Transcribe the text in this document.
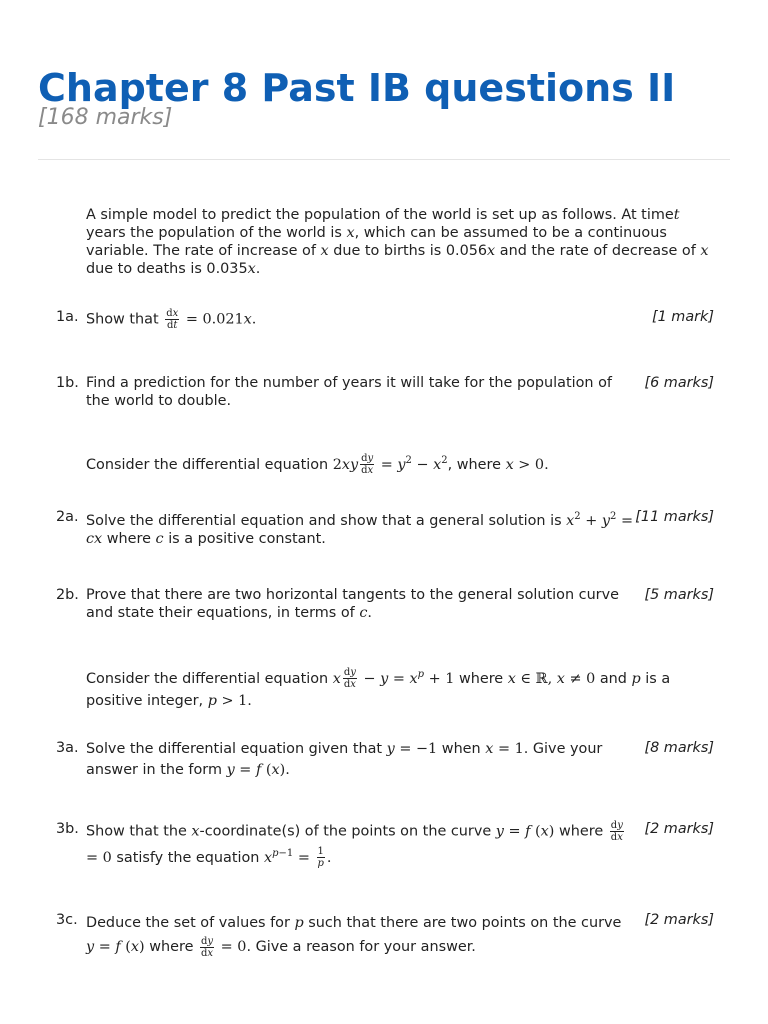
Chapter 8 Past IB questions II
[168 marks]
A simple model to predict the population of the world is set up as follows. At timet years the population of the world is x, which can be assumed to be a continuous variable. The rate of increase of x due to births is 0.056x and the rate of decrease of x due to deaths is 0.035x.
1a. Show that $\frac{dx}{dt} = 0.021x$.	[1 mark]
1b. Find a prediction for the number of years it will take for the population of the world to double.
[6 marks]
Consider the differential equation $2xy \frac{dy}{dx} = y^2 - x^2$, where x > 0.
2a. Solve the differential equation and show that a general solution is $x^2 + y^2$ = cx where c is a positive constant.
[11 marks]
2b. Prove that there are two horizontal tangents to the general solution curve and state their equations, in terms of c.
[5 marks]
Consider the differential equation x $\frac{dy}{dx} - y = x^p + 1$ where x ∈ ℝ, x ≠ 0 and p is a positive integer, p > 1.
3a. Solve the differential equation given that y = −1 when x = 1. Give your answer in the form y = f (x).
[8 marks]
3b. Show that the x-coordinate(s) of the points on the curve y = f (x) where $\frac{dy}{dx}$
= 0 satisfy the equation $x^{p-1} = \frac{1}{p}$ .
[2 marks]
3c. Deduce the set of values for p such that there are two points on the curve y = f (x) where $\frac{dy}{dx} = 0$. Give a reason for your answer.
[2 marks]
